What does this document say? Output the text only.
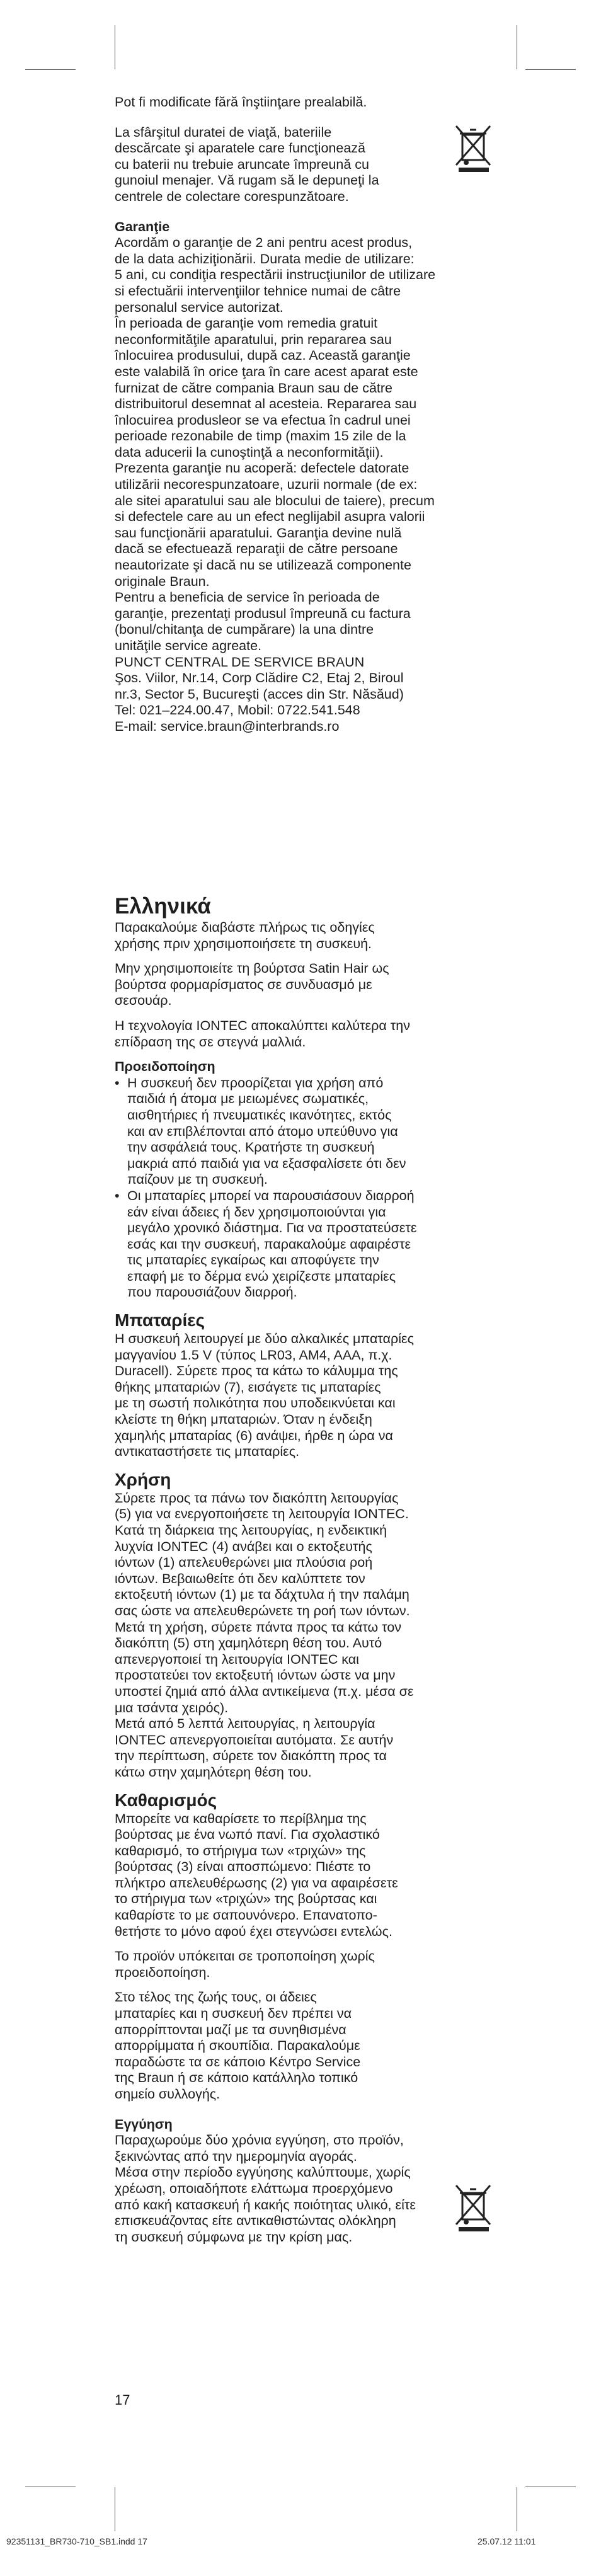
Pot fi modificate fără înştiinţare prealabilă.

La sfârşitul duratei de viaţă, bateriile

descărcate şi aparatele care funcţionează

cu baterii nu trebuie aruncate împreună cu

gunoiul menajer. Vă rugam să le depuneţi la

centrele de colectare corespunzătoare.

Garanţie

Acordăm o garanţie de 2 ani pentru acest produs,

de la data achiziţionării. Durata medie de utilizare:

5 ani, cu condiţia respectării instrucţiunilor de utilizare

si efectuării intervenţiilor tehnice numai de câtre

personalul service autorizat.

În perioada de garanţie vom remedia gratuit

neconformităţile aparatului, prin repararea sau

înlocuirea produsului, după caz. Această garanţie

este valabilă în orice ţara în care acest aparat este

furnizat de către compania Braun sau de către

distribuitorul desemnat al acesteia. Repararea sau

înlocuirea produsleor se va efectua în cadrul unei

perioade rezonabile de timp (maxim 15 zile de la

data aducerii la cunoştinţă a neconformităţii).

Prezenta garanţie nu acoperă: defectele datorate

utilizării necorespunzatoare, uzurii normale (de ex:

ale sitei aparatului sau ale blocului de taiere), precum

si defectele care au un efect neglijabil asupra valorii

sau funcţionării aparatului. Garanţia devine nulă

dacă se efectuează reparaţii de către persoane

neautorizate şi dacă nu se utilizează componente

originale Braun.

Pentru a beneficia de service în perioada de

garanţie, prezentaţi produsul împreună cu factura

(bonul/chitanţa de cumpărare) la una dintre

unităţile service agreate.

PUNCT CENTRAL DE SERVICE BRAUN

Şos. Viilor, Nr.14, Corp Clădire C2, Etaj 2, Biroul

nr.3, Sector 5, Bucureşti (acces din Str. Năsăud)

Tel: 021–224.00.47, Mobil: 0722.541.548

E-mail: service.braun@interbrands.ro

Ελληνικά

Παρακαλούμε διαβάστε πλήρως τις οδηγίες

χρήσης πριν χρησιμοποιήσετε τη συσκευή.

Μην χρησιμοποιείτε τη βούρτσα Satin Hair ως

βούρτσα φορμαρίσματος σε συνδυασμό με

σεσουάρ.

Η τεχνολογία IONTEC αποκαλύπτει καλύτερα την

επίδραση της σε στεγνά μαλλιά.

Προειδοποίηση

• Η συσκευή δεν προορίζεται για χρήση από

παιδιά ή άτομα με μειωμένες σωματικές,

αισθητήριες ή πνευματικές ικανότητες, εκτός

και αν επιβλέπονται από άτομο υπεύθυνο για

την ασφάλειά τους. Κρατήστε τη συσκευή

μακριά από παιδιά για να εξασφαλίσετε ότι δεν

παίζουν με τη συσκευή.

• Οι μπαταρίες μπορεί να παρουσιάσουν διαρροή

εάν είναι άδειες ή δεν χρησιμοποιούνται για

μεγάλο χρονικό διάστημα. Για να προστατεύσετε

εσάς και την συσκευή, παρακαλούμε αφαιρέστε

τις μπαταρίες εγκαίρως και αποφύγετε την

επαφή με το δέρμα ενώ χειρίζεστε μπαταρίες

που παρουσιάζουν διαρροή.

Μπαταρίες

Η συσκευή λειτουργεί με δύο αλκαλικές μπαταρίες

μαγγανίου 1.5 V (τύπος LR03, AM4, AAA, π.χ.

Duracell). Σύρετε προς τα κάτω το κάλυμμα της

θήκης μπαταριών (7), εισάγετε τις μπαταρίες

με τη σωστή πολικότητα που υποδεικνύεται και

κλείστε τη θήκη μπαταριών. Όταν η ένδειξη

χαμηλής μπαταρίας (6) ανάψει, ήρθε η ώρα να

αντικαταστήσετε τις μπαταρίες.

Χρήση

Σύρετε προς τα πάνω τον διακόπτη λειτουργίας

(5) για να ενεργοποιήσετε τη λειτουργία IONTEC.

Κατά τη διάρκεια της λειτουργίας, η ενδεικτική

λυχνία IONTEC (4) ανάβει και ο εκτοξευτής

ιόντων (1) απελευθερώνει μια πλούσια ροή

ιόντων. Βεβαιωθείτε ότι δεν καλύπτετε τον

εκτοξευτή ιόντων (1) με τα δάχτυλα ή την παλάμη

σας ώστε να απελευθερώνετε τη ροή των ιόντων.

Μετά τη χρήση, σύρετε πάντα προς τα κάτω τον

διακόπτη (5) στη χαμηλότερη θέση του. Αυτό

απενεργοποιεί τη λειτουργία IONTEC και

προστατεύει τον εκτοξευτή ιόντων ώστε να μην

υποστεί ζημιά από άλλα αντικείμενα (π.χ. μέσα σε

μια τσάντα χειρός).

Μετά από 5 λεπτά λειτουργίας, η λειτουργία

IONTEC απενεργοποιείται αυτόματα. Σε αυτήν

την περίπτωση, σύρετε τον διακόπτη προς τα

κάτω στην χαμηλότερη θέση του.

Καθαρισμός

Μπορείτε να καθαρίσετε το περίβλημα της

βούρτσας με ένα νωπό πανί. Για σχολαστικό

καθαρισμό, το στήριγμα των «τριχών» της

βούρτσας (3) είναι αποσπώμενο: Πιέστε το

πλήκτρο απελευθέρωσης (2) για να αφαιρέσετε

το στήριγμα των «τριχών» της βούρτσας και

καθαρίστε το με σαπουνόνερο. Επανατοπο-

θετήστε το μόνο αφού έχει στεγνώσει εντελώς.

Το προϊόν υπόκειται σε τροποποίηση χωρίς

προειδοποίηση.

Στο τέλος της ζωής τους, οι άδειες

μπαταρίες και η συσκευή δεν πρέπει να

απορρίπτονται μαζί με τα συνηθισμένα

απορρίμματα ή σκουπίδια. Παρακαλούμε

παραδώστε τα σε κάποιο Κέντρο Service

της Braun ή σε κάποιο κατάλληλο τοπικό

σημείο συλλογής.

Εγγύηση

Παραχωρούμε δύο χρόνια εγγύηση, στο προϊόν,

ξεκινώντας από την ημερομηνία αγοράς.

Μέσα στην περίοδο εγγύησης καλύπτουμε, χωρίς

χρέωση, οποιαδήποτε ελάττωμα προερχόμενο

από κακή κατασκευή ή κακής ποιότητας υλικό, είτε

επισκευάζοντας είτε αντικαθιστώντας ολόκληρη

τη συσκευή σύμφωνα με την κρίση μας.

17
92351131_BR730-710_SB1.indd 17	25.07.12 11:01
